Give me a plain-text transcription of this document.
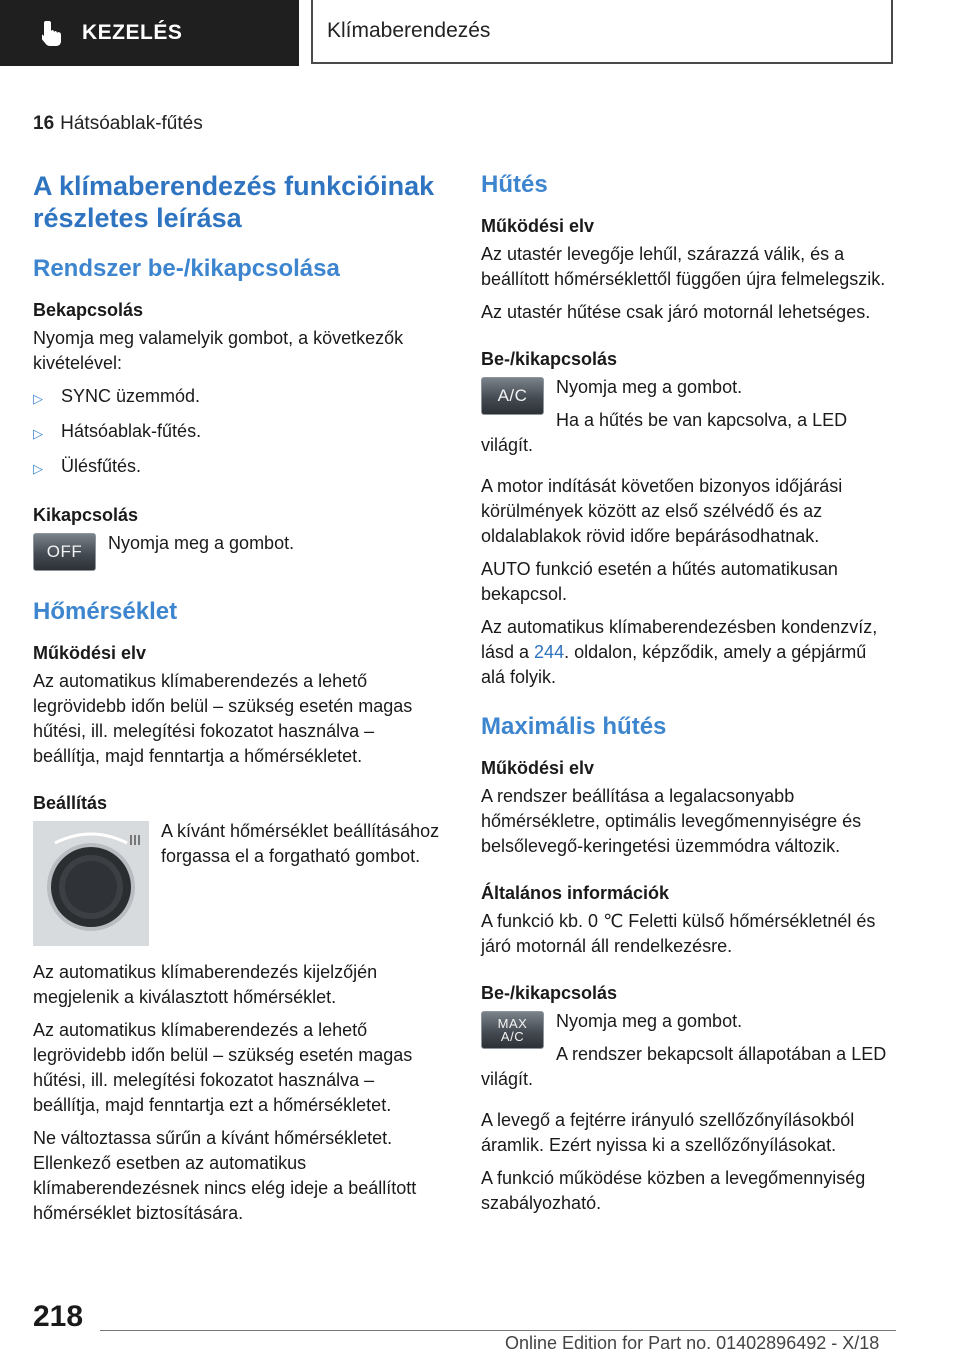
KEZELÉS	Klímaberendezés
16 Hátsóablak-fűtés
A klímaberendezés funkcióinak részletes leírása
Rendszer be-/kikapcsolása
Bekapcsolás

Nyomja meg valamelyik gombot, a következők kivételével:

▷	SYNC üzemmód.
▷	Hátsóablak-fűtés.
▷	Ülésfűtés.
Kikapcsolás
OFF	Nyomja meg a gombot.

Hőmérséklet
Működési elv

Az automatikus klímaberendezés a lehető legrövidebb időn belül – szükség esetén magas hűtési, ill. melegítési fokozatot használva – beállítja, majd fenntartja a hőmérsékletet.

Beállítás

A kívánt hőmérséklet beállításához forgassa el a forgatható gombot.

Az automatikus klímaberendezés kijelzőjén megjelenik a kiválasztott hőmérséklet.

Az automatikus klímaberendezés a lehető legrövidebb időn belül – szükség esetén magas hűtési, ill. melegítési fokozatot használva – beállítja, majd fenntartja ezt a hőmérsékletet.

Ne változtassa sűrűn a kívánt hőmérsékletet. Ellenkező esetben az automatikus klímaberendezésnek nincs elég ideje a beállított hőmérséklet biztosítására.

Hűtés
Működési elv

Az utastér levegője lehűl, szárazzá válik, és a beállított hőmérséklettől függően újra felmelegszik.

Az utastér hűtése csak járó motornál lehetséges.

Be-/kikapcsolás
A/C	Nyomja meg a gombot.

Ha a hűtés be van kapcsolva, a LED világít.

A motor indítását követően bizonyos időjárási körülmények között az első szélvédő és az oldalablakok rövid időre bepárásodhatnak.

AUTO funkció esetén a hűtés automatikusan bekapcsol.

Az automatikus klímaberendezésben kondenzvíz, lásd a 244. oldalon, képződik, amely a gépjármű alá folyik.

Maximális hűtés
Működési elv

A rendszer beállítása a legalacsonyabb hőmérsékletre, optimális levegőmennyiségre és belsőlevegő-keringetési üzemmódra változik.

Általános információk

A funkció kb. 0 ℃ Feletti külső hőmérsékletnél és járó motornál áll rendelkezésre.

Be-/kikapcsolás
MAX
A/C

Nyomja meg a gombot.

A rendszer bekapcsolt állapotában a LED világít.

A levegő a fejtérre irányuló szellőzőnyílásokból áramlik. Ezért nyissa ki a szellőzőnyílásokat.

A funkció működése közben a levegőmennyiség szabályozható.

218
Online Edition for Part no. 01402896492 - X/18
